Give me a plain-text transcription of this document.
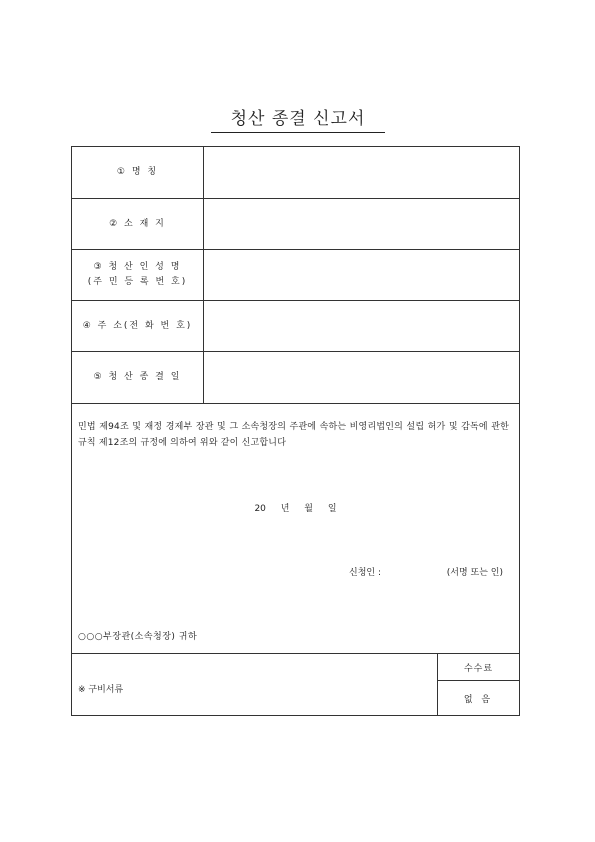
청산 종결 신고서
① 명 칭
② 소 재 지
③ 청 산 인 성 명
(주 민 등 록 번 호)
④ 주 소(전 화 번 호)
⑤ 청 산 종 결 일
민법 제94조 및 재정 경제부 장관 및 그 소속청장의 주관에 속하는 비영리법인의 설립 허가 및 감독에 관한 규칙 제12조의 규정에 의하여 위와 같이 신고합니다
20 년 월 일
신청인 :	(서명 또는 인)
○○○부장관(소속청장) 귀하
※ 구비서류
수수료
없 음
